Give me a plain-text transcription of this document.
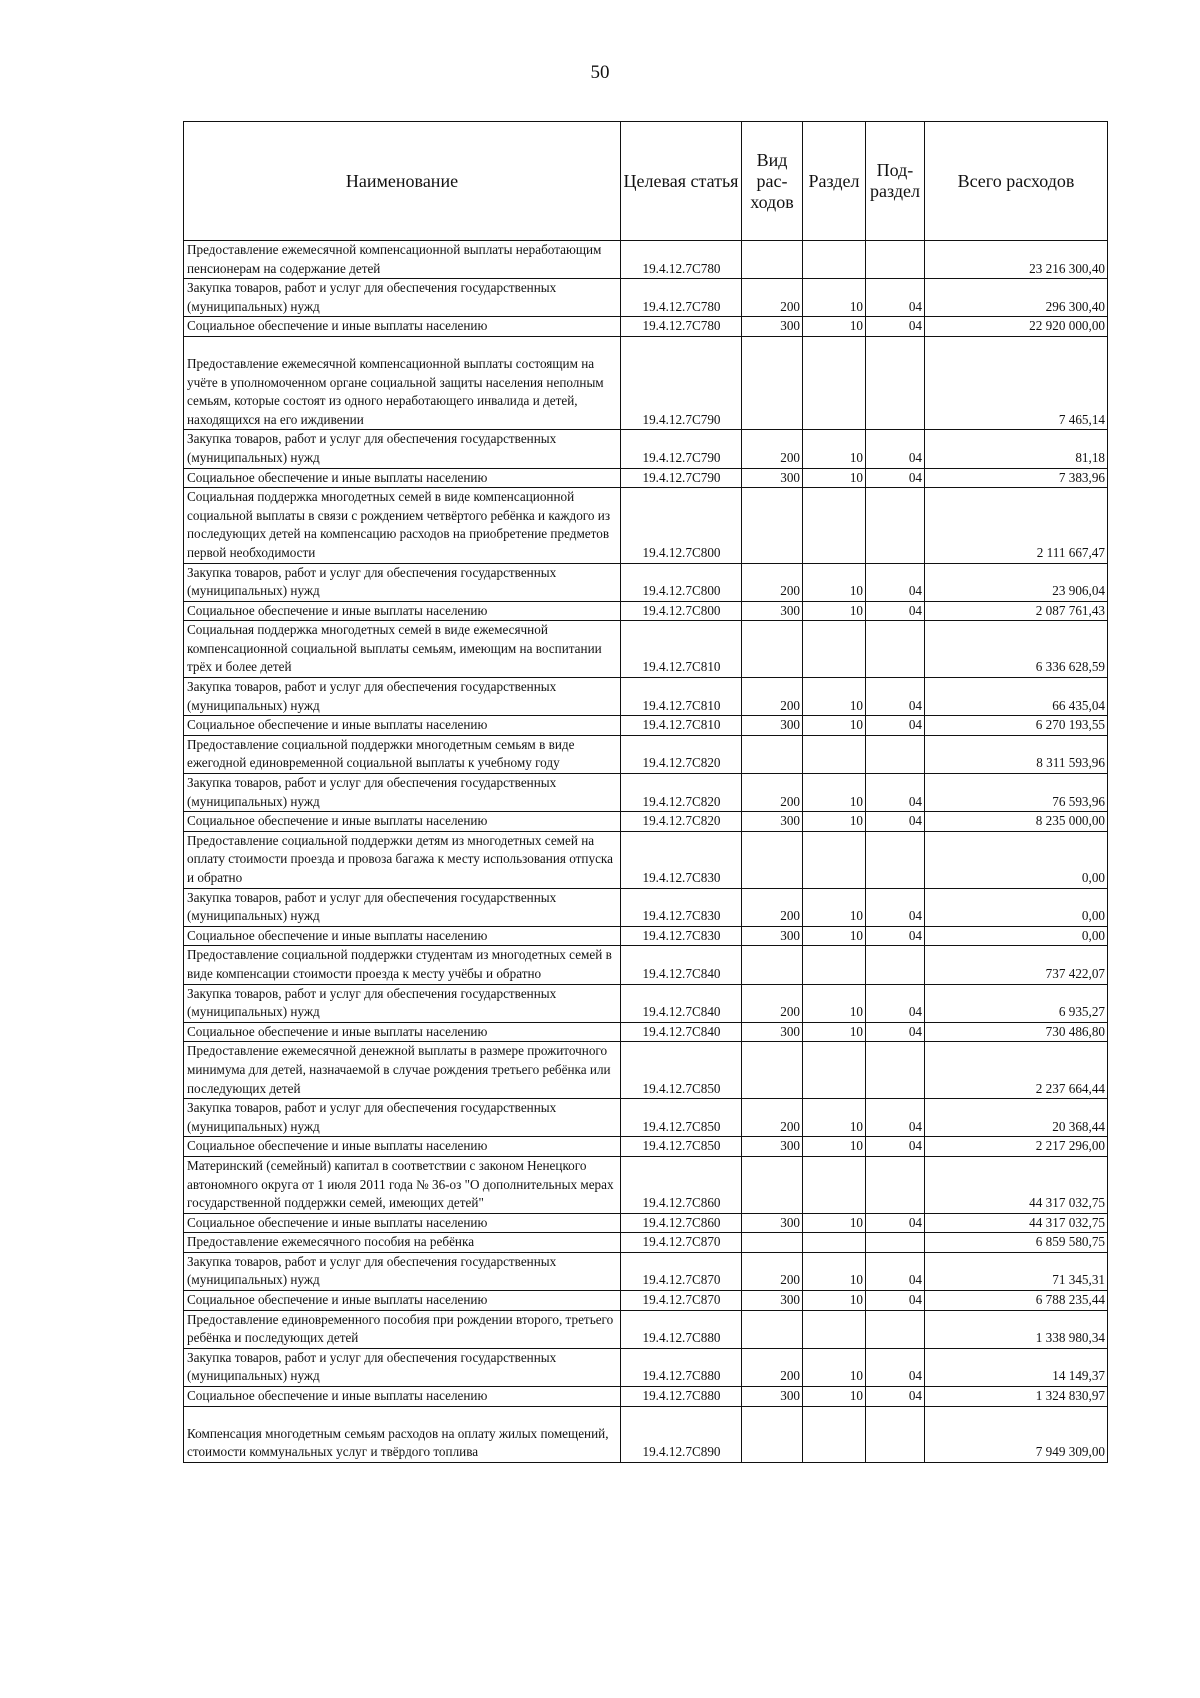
50
Наименование	Целевая статья	Вид рас-ходов	Раздел	Под-раздел	Всего расходов
Предоставление ежемесячной компенсационной выплаты неработающим пенсионерам на содержание детей	19.4.12.7С780				23 216 300,40
Закупка товаров, работ и услуг для обеспечения государственных (муниципальных) нужд	19.4.12.7С780	200	10	04	296 300,40
Социальное обеспечение и иные выплаты населению	19.4.12.7С780	300	10	04	22 920 000,00
Предоставление ежемесячной компенсационной выплаты состоящим на учёте в уполномоченном органе социальной защиты населения неполным семьям, которые состоят из одного неработающего инвалида и детей, находящихся на его иждивении	19.4.12.7С790				7 465,14
Закупка товаров, работ и услуг для обеспечения государственных (муниципальных) нужд	19.4.12.7С790	200	10	04	81,18
Социальное обеспечение и иные выплаты населению	19.4.12.7С790	300	10	04	7 383,96
Социальная поддержка многодетных семей в виде компенсационной социальной выплаты в связи с рождением четвёртого ребёнка и каждого из последующих детей на компенсацию расходов на приобретение предметов первой необходимости	19.4.12.7С800				2 111 667,47
Закупка товаров, работ и услуг для обеспечения государственных (муниципальных) нужд	19.4.12.7С800	200	10	04	23 906,04
Социальное обеспечение и иные выплаты населению	19.4.12.7С800	300	10	04	2 087 761,43
Социальная поддержка многодетных семей в виде ежемесячной компенсационной социальной выплаты семьям, имеющим на воспитании трёх и более детей	19.4.12.7С810				6 336 628,59
Закупка товаров, работ и услуг для обеспечения государственных (муниципальных) нужд	19.4.12.7С810	200	10	04	66 435,04
Социальное обеспечение и иные выплаты населению	19.4.12.7С810	300	10	04	6 270 193,55
Предоставление социальной поддержки многодетным семьям в виде ежегодной единовременной социальной выплаты к учебному году	19.4.12.7С820				8 311 593,96
Закупка товаров, работ и услуг для обеспечения государственных (муниципальных) нужд	19.4.12.7С820	200	10	04	76 593,96
Социальное обеспечение и иные выплаты населению	19.4.12.7С820	300	10	04	8 235 000,00
Предоставление социальной поддержки детям из многодетных семей на оплату стоимости проезда и провоза багажа к месту использования отпуска и обратно	19.4.12.7С830				0,00
Закупка товаров, работ и услуг для обеспечения государственных (муниципальных) нужд	19.4.12.7С830	200	10	04	0,00
Социальное обеспечение и иные выплаты населению	19.4.12.7С830	300	10	04	0,00
Предоставление социальной поддержки студентам из многодетных семей в виде компенсации стоимости проезда к месту учёбы и обратно	19.4.12.7С840				737 422,07
Закупка товаров, работ и услуг для обеспечения государственных (муниципальных) нужд	19.4.12.7С840	200	10	04	6 935,27
Социальное обеспечение и иные выплаты населению	19.4.12.7С840	300	10	04	730 486,80
Предоставление ежемесячной денежной выплаты в размере прожиточного минимума для детей, назначаемой в случае рождения третьего ребёнка или последующих детей	19.4.12.7С850				2 237 664,44
Закупка товаров, работ и услуг для обеспечения государственных (муниципальных) нужд	19.4.12.7С850	200	10	04	20 368,44
Социальное обеспечение и иные выплаты населению	19.4.12.7С850	300	10	04	2 217 296,00
Материнский (семейный) капитал в соответствии с законом Ненецкого автономного округа от 1 июля 2011 года № 36-оз "О дополнительных мерах государственной поддержки семей, имеющих детей"	19.4.12.7С860				44 317 032,75
Социальное обеспечение и иные выплаты населению	19.4.12.7С860	300	10	04	44 317 032,75
Предоставление ежемесячного пособия на ребёнка	19.4.12.7С870				6 859 580,75
Закупка товаров, работ и услуг для обеспечения государственных (муниципальных) нужд	19.4.12.7С870	200	10	04	71 345,31
Социальное обеспечение и иные выплаты населению	19.4.12.7С870	300	10	04	6 788 235,44
Предоставление единовременного пособия при рождении второго, третьего ребёнка и последующих детей	19.4.12.7С880				1 338 980,34
Закупка товаров, работ и услуг для обеспечения государственных (муниципальных) нужд	19.4.12.7С880	200	10	04	14 149,37
Социальное обеспечение и иные выплаты населению	19.4.12.7С880	300	10	04	1 324 830,97
Компенсация многодетным семьям расходов на оплату жилых помещений, стоимости коммунальных услуг и твёрдого топлива	19.4.12.7С890				7 949 309,00
